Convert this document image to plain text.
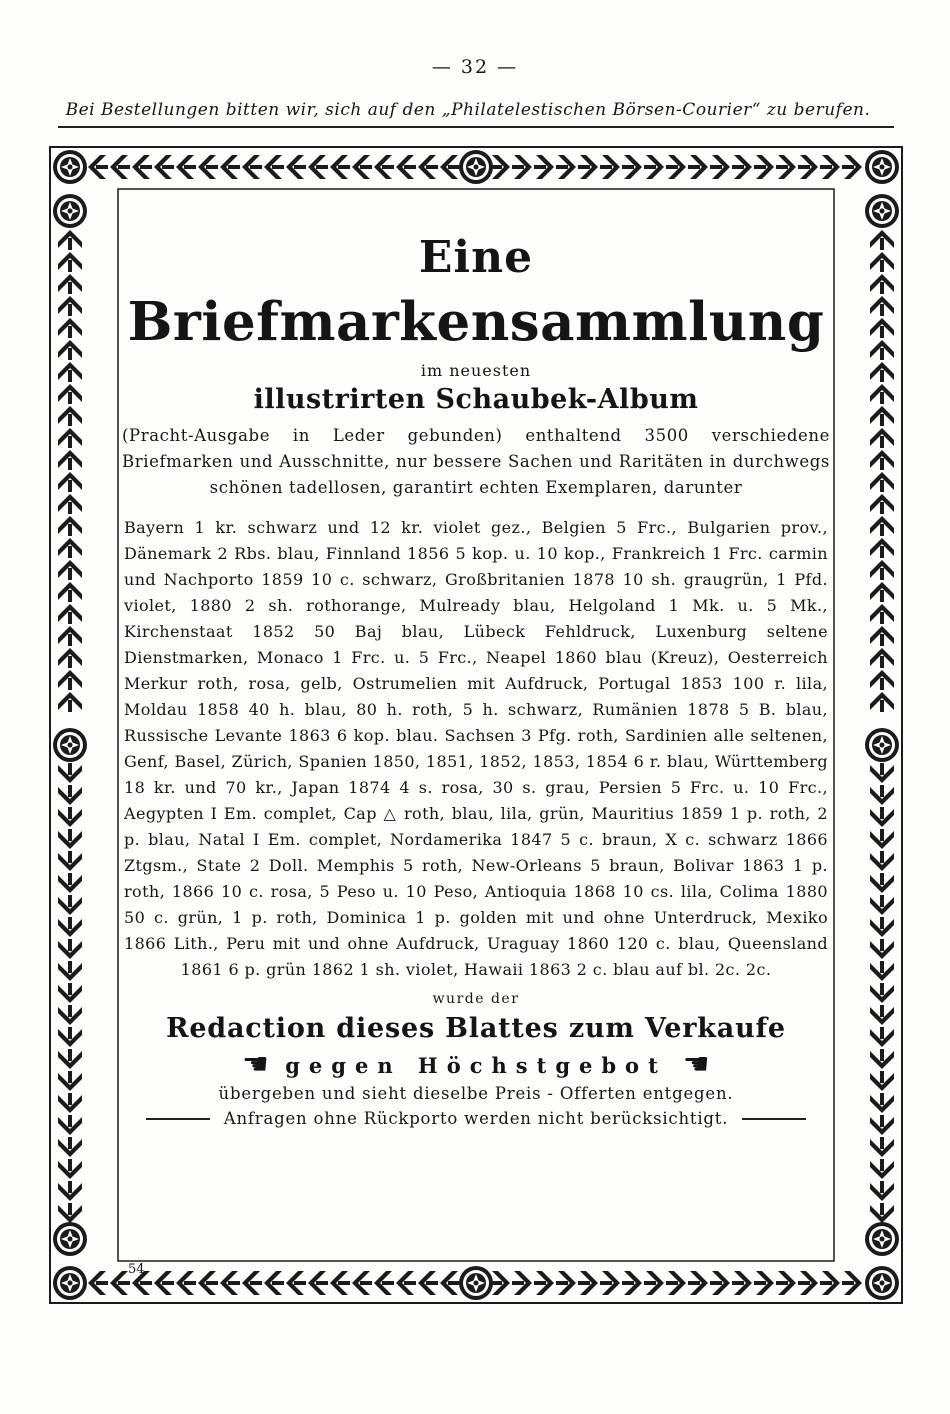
— 32 —
Bei Bestellungen bitten wir, sich auf den „Philatelestischen Börsen-Courier“ zu berufen.
Eine
Briefmarkensammlung
im neuesten
illustrirten Schaubek-Album
(Pracht-Ausgabe in Leder gebunden) enthaltend 3500 verschiedene Briefmarken und Ausschnitte, nur bessere Sachen und Raritäten in durchwegs schönen tadellosen, garantirt echten Exemplaren, darunter
Bayern 1 kr. schwarz und 12 kr. violet gez., Belgien 5 Frc., Bulgarien prov., Dänemark 2 Rbs. blau, Finnland 1856 5 kop. u. 10 kop., Frankreich 1 Frc. carmin und Nachporto 1859 10 c. schwarz, Großbritanien 1878 10 sh. graugrün, 1 Pfd. violet, 1880 2 sh. rothorange, Mulready blau, Helgoland 1 Mk. u. 5 Mk., Kirchenstaat 1852 50 Baj blau, Lübeck Fehldruck, Luxenburg seltene Dienstmarken, Monaco 1 Frc. u. 5 Frc., Neapel 1860 blau (Kreuz), Oesterreich Merkur roth, rosa, gelb, Ostrumelien mit Aufdruck, Portugal 1853 100 r. lila, Moldau 1858 40 h. blau, 80 h. roth, 5 h. schwarz, Rumänien 1878 5 B. blau, Russische Levante 1863 6 kop. blau. Sachsen 3 Pfg. roth, Sardinien alle seltenen, Genf, Basel, Zürich, Spanien 1850, 1851, 1852, 1853, 1854 6 r. blau, Württemberg 18 kr. und 70 kr., Japan 1874 4 s. rosa, 30 s. grau, Persien 5 Frc. u. 10 Frc., Aegypten I Em. complet, Cap △ roth, blau, lila, grün, Mauritius 1859 1 p. roth, 2 p. blau, Natal I Em. complet, Nordamerika 1847 5 c. braun, X c. schwarz 1866 Ztgsm., State 2 Doll. Memphis 5 roth, New-Orleans 5 braun, Bolivar 1863 1 p. roth, 1866 10 c. rosa, 5 Peso u. 10 Peso, Antioquia 1868 10 cs. lila, Colima 1880 50 c. grün, 1 p. roth, Dominica 1 p. golden mit und ohne Unterdruck, Mexiko 1866 Lith., Peru mit und ohne Aufdruck, Uraguay 1860 120 c. blau, Queensland 1861 6 p. grün 1862 1 sh. violet, Hawaii 1863 2 c. blau auf bl. 2c. 2c.
wurde der
Redaction dieses Blattes zum Verkaufe
☛ gegen Höchstgebot ☚
übergeben und sieht dieselbe Preis - Offerten entgegen.
Anfragen ohne Rückporto werden nicht berücksichtigt.
54
